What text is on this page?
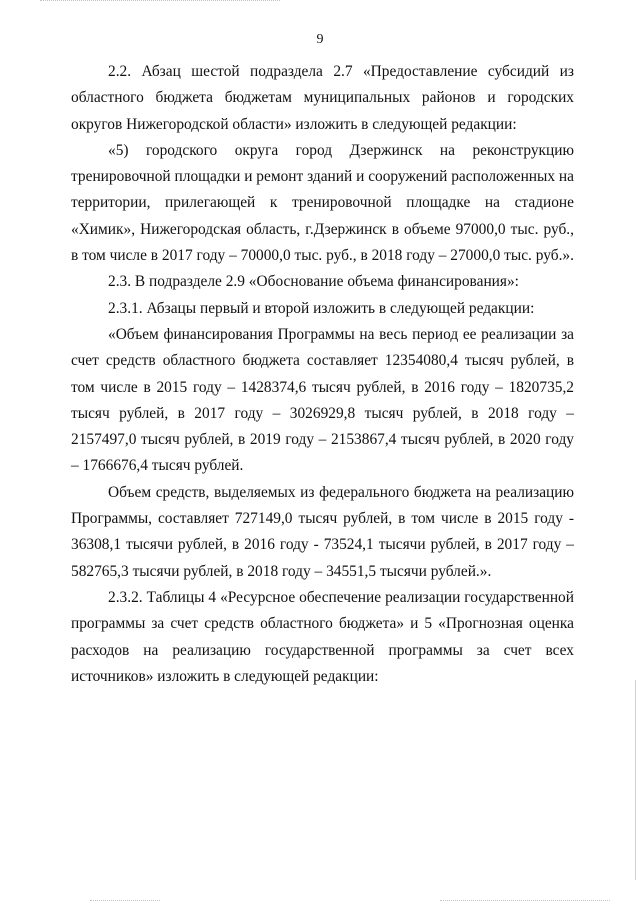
9

2.2. Абзац шестой подраздела 2.7 «Предоставление субсидий из областного бюджета бюджетам муниципальных районов и городских округов Нижегородской области» изложить в следующей редакции:

«5) городского округа город Дзержинск на реконструкцию тренировочной площадки и ремонт зданий и сооружений расположенных на территории, прилегающей к тренировочной площадке на стадионе «Химик», Нижегородская область, г.Дзержинск в объеме 97000,0 тыс. руб., в том числе в 2017 году – 70000,0 тыс. руб., в 2018 году – 27000,0 тыс. руб.».

2.3. В подразделе 2.9 «Обоснование объема финансирования»:

2.3.1. Абзацы первый и второй изложить в следующей редакции:

«Объем финансирования Программы на весь период ее реализации за счет средств областного бюджета составляет 12354080,4 тысяч рублей, в том числе в 2015 году – 1428374,6 тысяч рублей, в 2016 году – 1820735,2 тысяч рублей, в 2017 году – 3026929,8 тысяч рублей, в 2018 году – 2157497,0 тысяч рублей, в 2019 году – 2153867,4 тысяч рублей, в 2020 году – 1766676,4 тысяч рублей.

Объем средств, выделяемых из федерального бюджета на реализацию Программы, составляет 727149,0 тысяч рублей, в том числе в 2015 году - 36308,1 тысячи рублей, в 2016 году - 73524,1 тысячи рублей, в 2017 году – 582765,3 тысячи рублей, в 2018 году – 34551,5 тысячи рублей.».

2.3.2. Таблицы 4 «Ресурсное обеспечение реализации государственной программы за счет средств областного бюджета» и 5 «Прогнозная оценка расходов на реализацию государственной программы за счет всех источников» изложить в следующей редакции:
